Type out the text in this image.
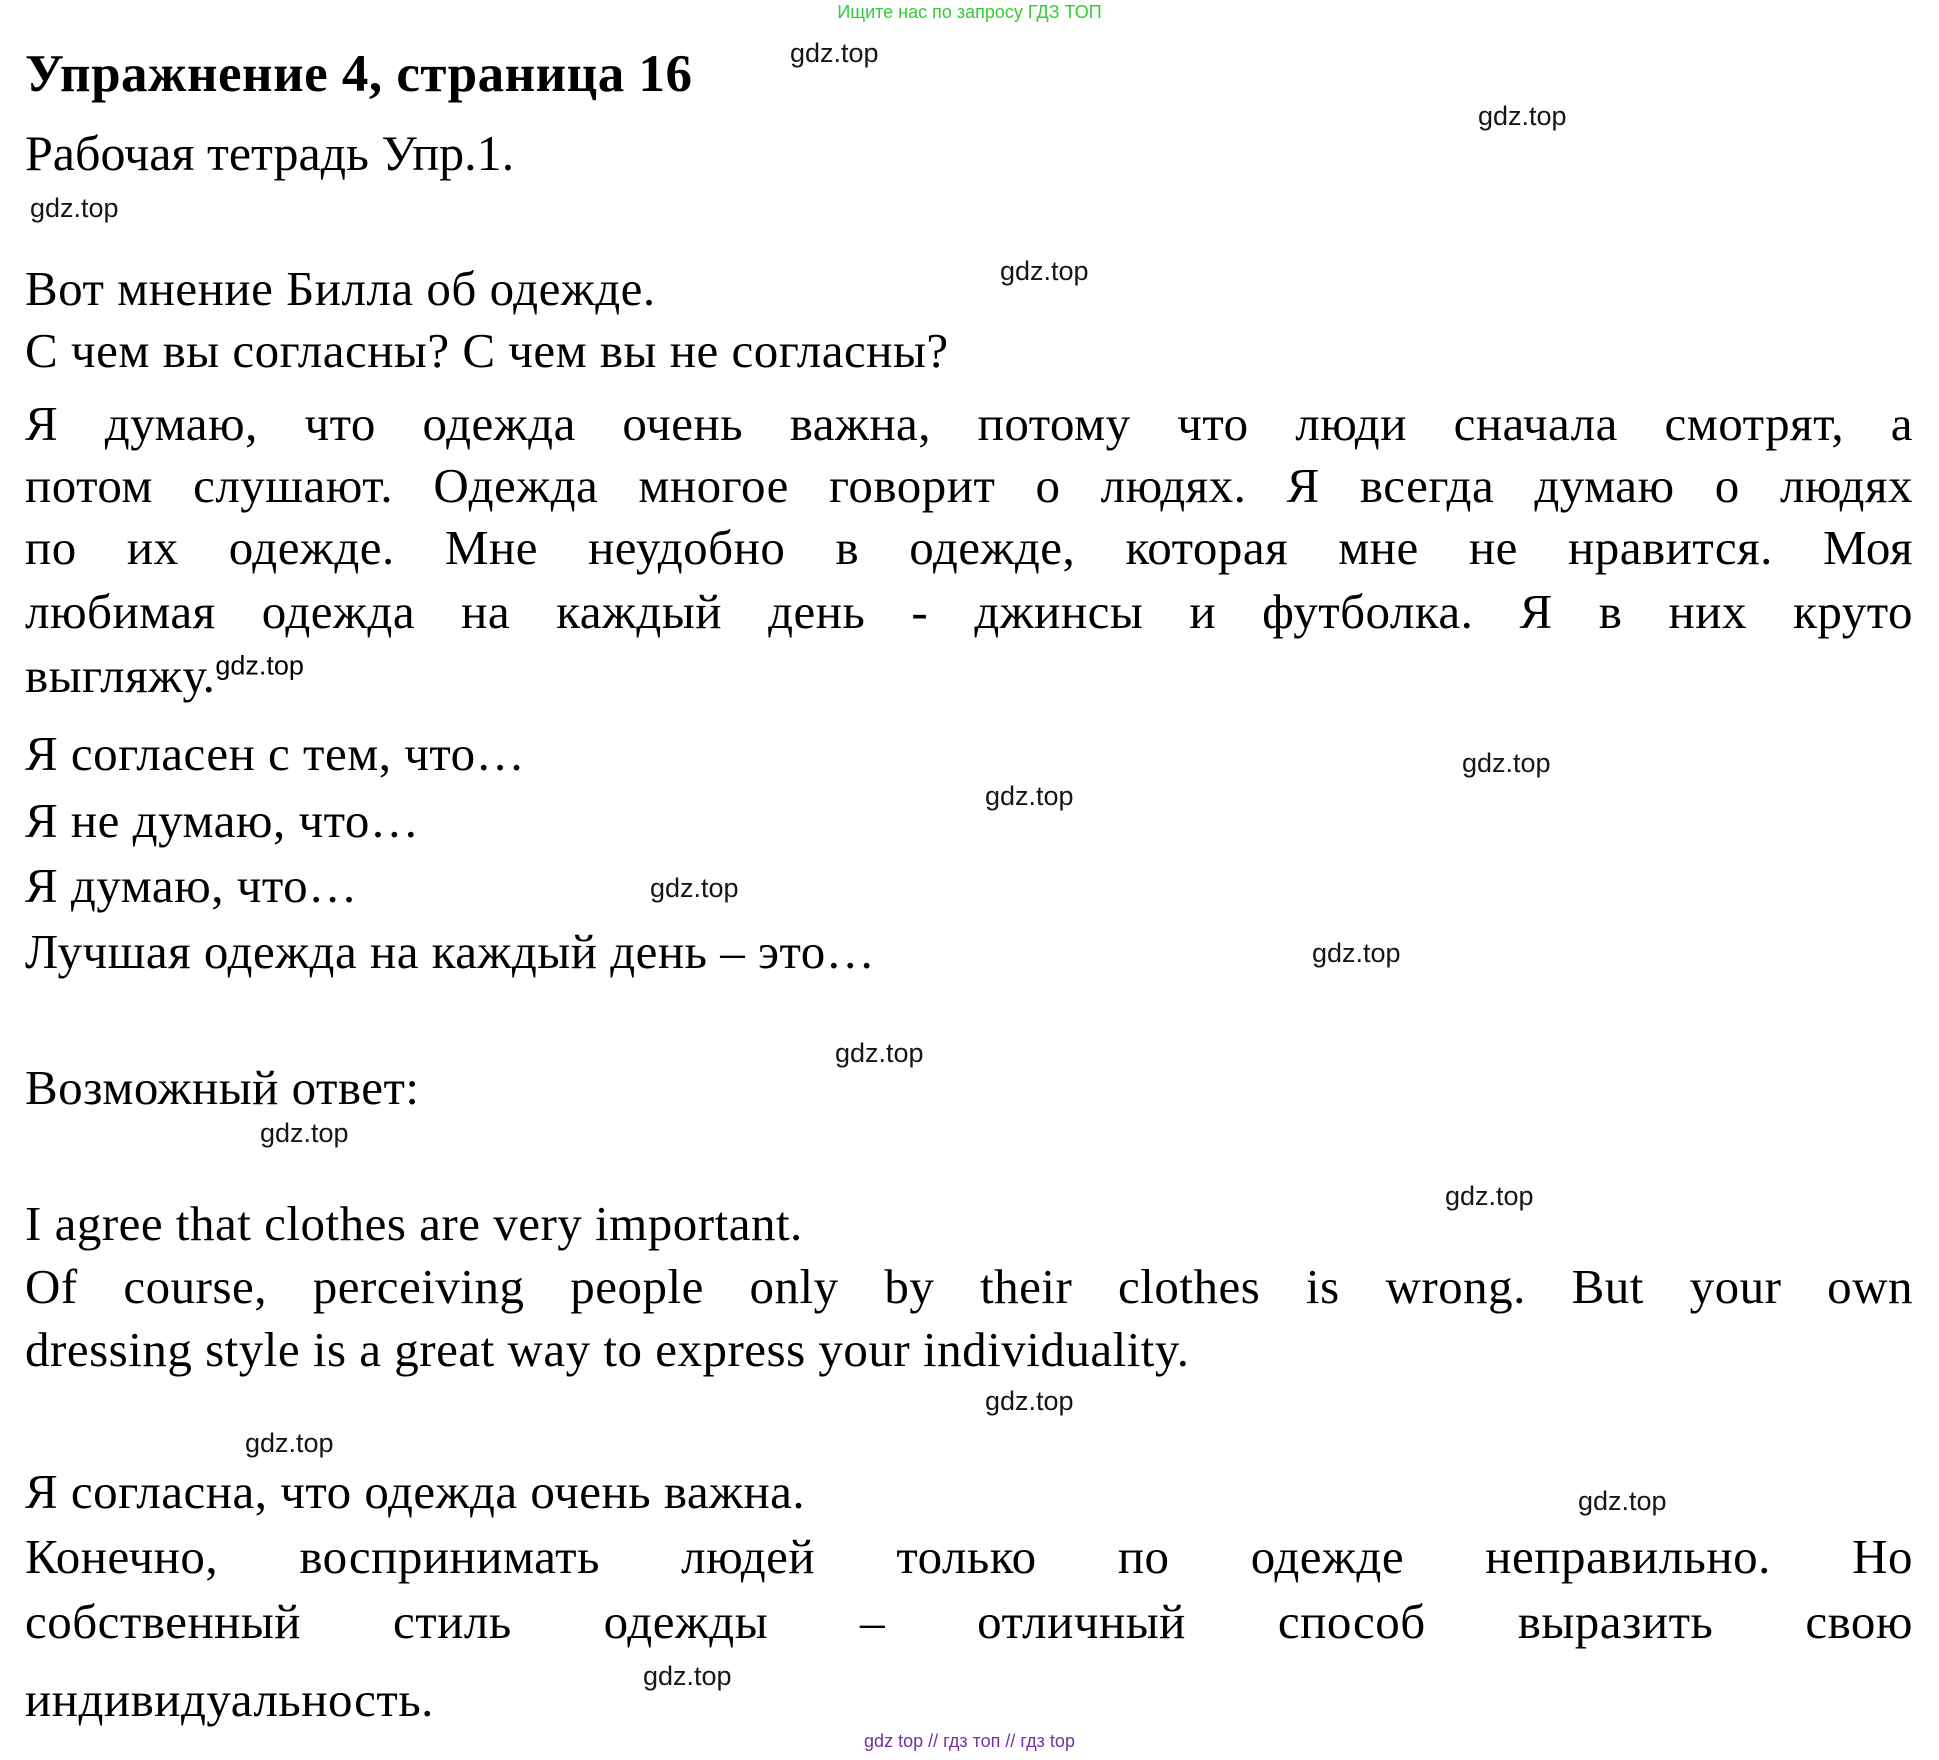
Ищите нас по запросу ГДЗ ТОП
Упражнение 4, страница 16
Рабочая тетрадь Упр.1.
gdz.top
gdz.top
gdz.top
gdz.top
Вот мнение Билла об одежде.
С чем вы согласны? С чем вы не согласны?
Я думаю, что одежда очень важна, потому что люди сначала смотрят, а
потом слушают. Одежда многое говорит о людях. Я всегда думаю о людях
по их одежде. Мне неудобно в одежде, которая мне не нравится. Моя
любимая одежда на каждый день - джинсы и футболка. Я в них круто
выгляжу.$^{gdz.top}$
gdz.top
gdz.top
gdz.top
gdz.top
Я согласен с тем, что…
Я не думаю, что…
Я думаю, что…
Лучшая одежда на каждый день – это…
gdz.top
Возможный ответ:
gdz.top
gdz.top
I agree that clothes are very important.
Of course, perceiving people only by their clothes is wrong. But your own
dressing style is a great way to express your individuality.
gdz.top
gdz.top
gdz.top
Я согласна, что одежда очень важна.
Конечно, воспринимать людей только по одежде неправильно. Но
собственный стиль одежды – отличный способ выразить свою
индивидуальность.	gdz.top
gdz top // гдз топ // гдз top
